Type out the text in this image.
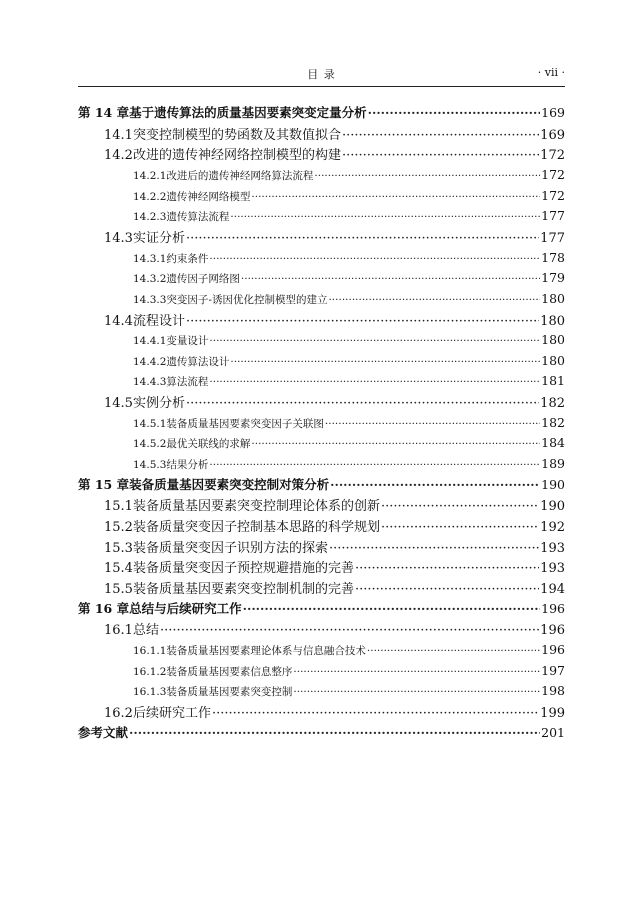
目 录	· vii ·
第 14 章 基于遗传算法的质量基因要素突变定量分析 ·····	169
14.1 突变控制模型的势函数及其数值拟合 ·····	169
14.2 改进的遗传神经网络控制模型的构建 ·····	172
14.2.1 改进后的遗传神经网络算法流程 ·····	172
14.2.2 遗传神经网络模型 ·····	172
14.2.3 遗传算法流程 ·····	177
14.3 实证分析 ·····	177
14.3.1 约束条件 ·····	178
14.3.2 遗传因子网络图 ·····	179
14.3.3 突变因子-诱因优化控制模型的建立 ·····	180
14.4 流程设计 ·····	180
14.4.1 变量设计 ·····	180
14.4.2 遗传算法设计 ·····	180
14.4.3 算法流程 ·····	181
14.5 实例分析 ·····	182
14.5.1 装备质量基因要素突变因子关联图 ·····	182
14.5.2 最优关联线的求解 ·····	184
14.5.3 结果分析 ·····	189
第 15 章 装备质量基因要素突变控制对策分析 ·····	190
15.1 装备质量基因要素突变控制理论体系的创新 ·····	190
15.2 装备质量突变因子控制基本思路的科学规划 ·····	192
15.3 装备质量突变因子识别方法的探索 ·····	193
15.4 装备质量突变因子预控规避措施的完善 ·····	193
15.5 装备质量基因要素突变控制机制的完善 ·····	194
第 16 章 总结与后续研究工作 ·····	196
16.1 总结 ·····	196
16.1.1 装备质量基因要素理论体系与信息融合技术 ·····	196
16.1.2 装备质量基因要素信息整序 ·····	197
16.1.3 装备质量基因要素突变控制 ·····	198
16.2 后续研究工作 ·····	199
参考文献 ·····	201
